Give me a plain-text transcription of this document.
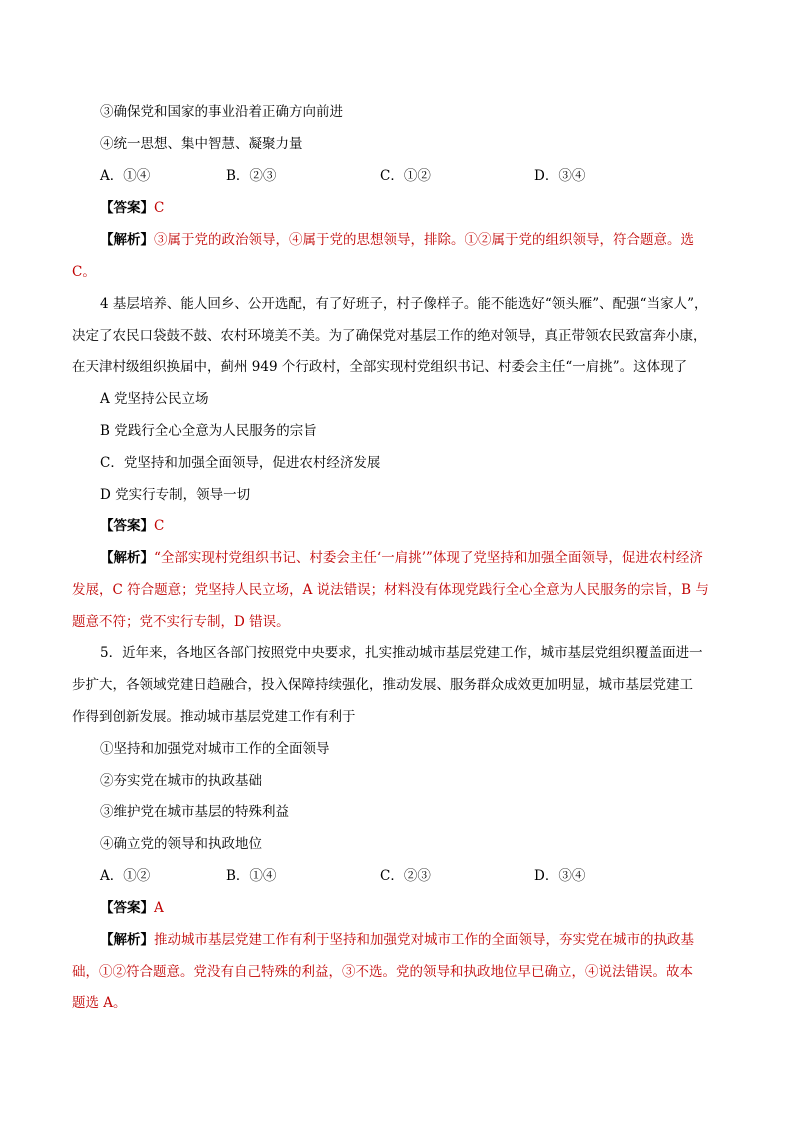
③确保党和国家的事业沿着正确方向前进
④统一思想、集中智慧、凝聚力量
A．①④	B．②③	C．①②	D．③④
【答案】C
【解析】③属于党的政治领导，④属于党的思想领导，排除。①②属于党的组织领导，符合题意。选
C。
4 基层培养、能人回乡、公开选配，有了好班子，村子像样子。能不能选好“领头雁”、配强“当家人”，
决定了农民口袋鼓不鼓、农村环境美不美。为了确保党对基层工作的绝对领导，真正带领农民致富奔小康，
在天津村级组织换届中，蓟州 949 个行政村，全部实现村党组织书记、村委会主任“一肩挑”。这体现了
A 党坚持公民立场
B 党践行全心全意为人民服务的宗旨
C．党坚持和加强全面领导，促进农村经济发展
D 党实行专制，领导一切
【答案】C
【解析】“全部实现村党组织书记、村委会主任‘一肩挑’”体现了党坚持和加强全面领导，促进农村经济
发展，C 符合题意；党坚持人民立场，A 说法错误；材料没有体现党践行全心全意为人民服务的宗旨，B 与
题意不符；党不实行专制，D 错误。
5．近年来，各地区各部门按照党中央要求，扎实推动城市基层党建工作，城市基层党组织覆盖面进一
步扩大，各领域党建日趋融合，投入保障持续强化，推动发展、服务群众成效更加明显，城市基层党建工
作得到创新发展。推动城市基层党建工作有利于
①坚持和加强党对城市工作的全面领导
②夯实党在城市的执政基础
③维护党在城市基层的特殊利益
④确立党的领导和执政地位
A．①②	B．①④	C．②③	D．③④
【答案】A
【解析】推动城市基层党建工作有利于坚持和加强党对城市工作的全面领导，夯实党在城市的执政基
础，①②符合题意。党没有自己特殊的利益，③不选。党的领导和执政地位早已确立，④说法错误。故本
题选 A。
